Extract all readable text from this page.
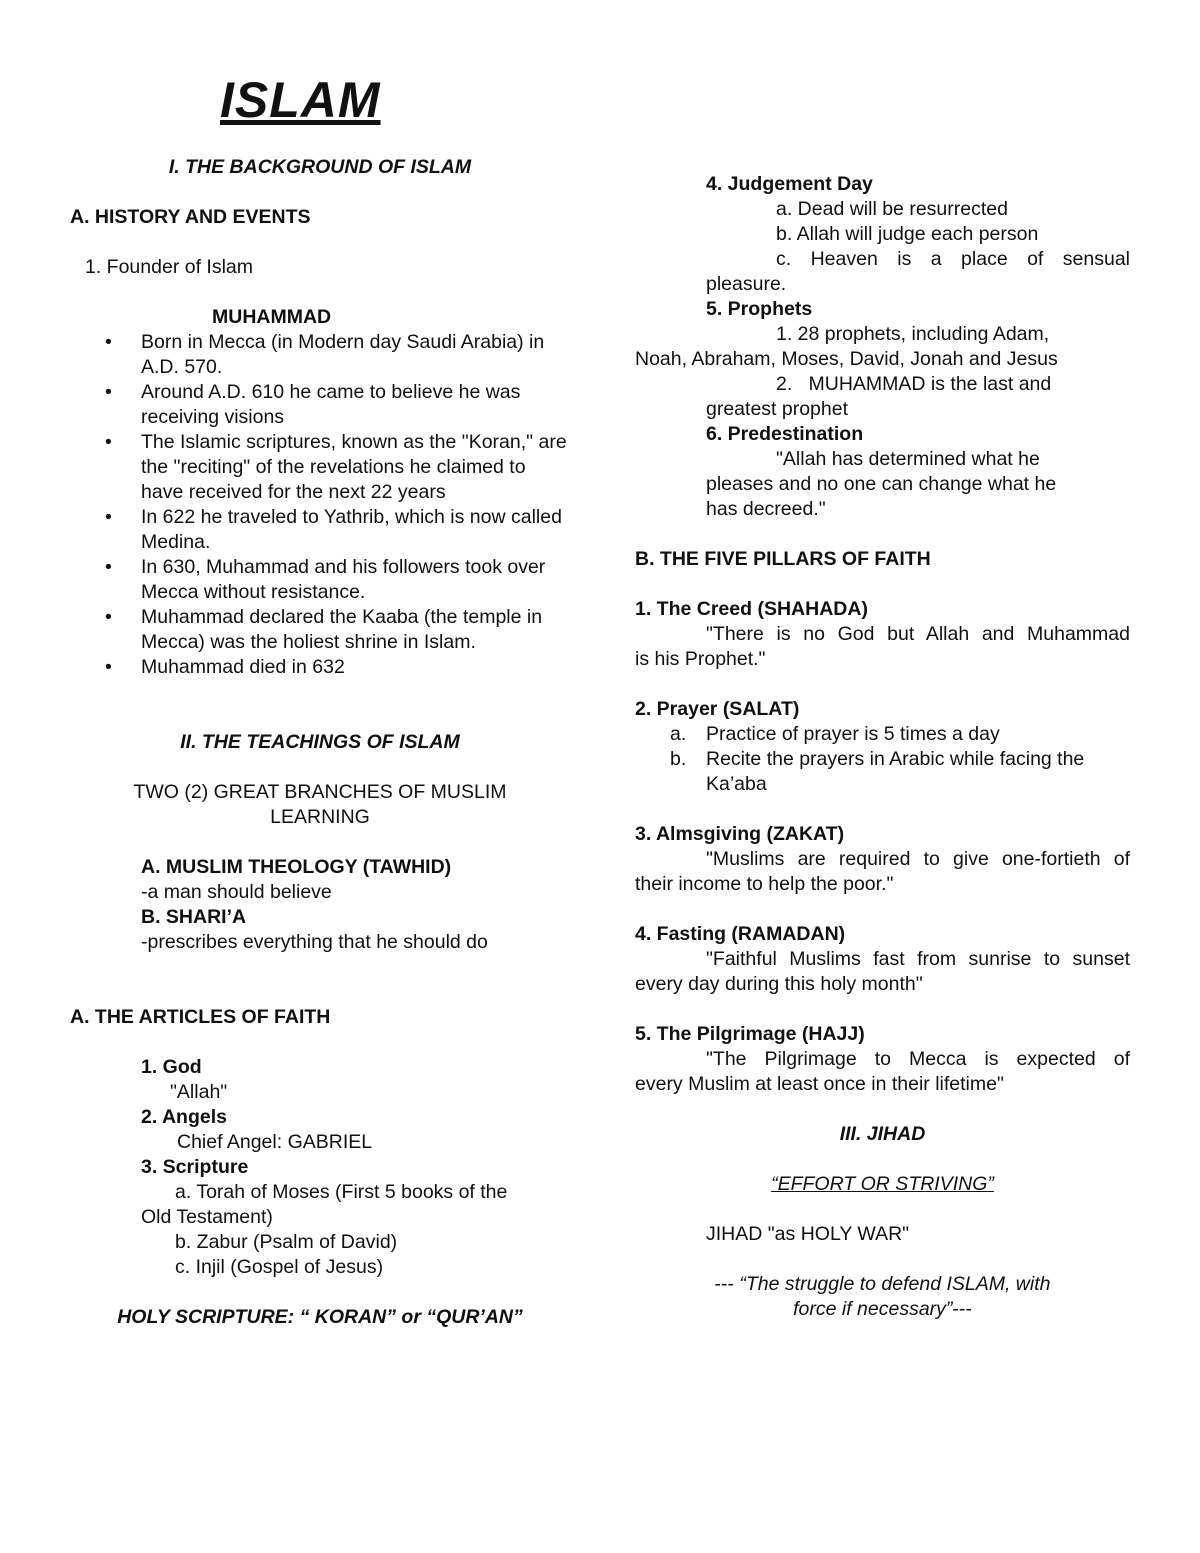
ISLAM
I. THE BACKGROUND OF ISLAM
A. HISTORY AND EVENTS
1. Founder of Islam
MUHAMMAD
• Born in Mecca (in Modern day Saudi Arabia) in A.D. 570.
• Around A.D. 610 he came to believe he was receiving visions
• The Islamic scriptures, known as the "Koran," are the "reciting" of the revelations he claimed to have received for the next 22 years
• In 622 he traveled to Yathrib, which is now called Medina.
• In 630, Muhammad and his followers took over Mecca without resistance.
• Muhammad declared the Kaaba (the temple in Mecca) was the holiest shrine in Islam.
• Muhammad died in 632
II. THE TEACHINGS OF ISLAM
TWO (2) GREAT BRANCHES OF MUSLIM
LEARNING
A. MUSLIM THEOLOGY (TAWHID)
-a man should believe
B. SHARI’A
-prescribes everything that he should do
A. THE ARTICLES OF FAITH
1. God
"Allah"
2. Angels
Chief Angel: GABRIEL
3. Scripture
a. Torah of Moses (First 5 books of the
Old Testament)
b. Zabur (Psalm of David)
c. Injil (Gospel of Jesus)
HOLY SCRIPTURE: “ KORAN” or “QUR’AN”
4. Judgement Day
a. Dead will be resurrected
b. Allah will judge each person
c. Heaven is a place of sensual
pleasure.
5. Prophets
1. 28 prophets, including Adam,
Noah, Abraham, Moses, David, Jonah and Jesus
2.   MUHAMMAD is the last and
greatest prophet
6. Predestination
"Allah has determined what he
pleases and no one can change what he
has decreed."
B. THE FIVE PILLARS OF FAITH
1. The Creed (SHAHADA)
"There is no God but Allah and Muhammad
is his Prophet."
2. Prayer (SALAT)
a. Practice of prayer is 5 times a day
b. Recite the prayers in Arabic while facing the Ka’aba
3. Almsgiving (ZAKAT)
"Muslims are required to give one-fortieth of
their income to help the poor."
4. Fasting (RAMADAN)
"Faithful Muslims fast from sunrise to sunset
every day during this holy month"
5. The Pilgrimage (HAJJ)
"The Pilgrimage to Mecca is expected of
every Muslim at least once in their lifetime"
III. JIHAD
“EFFORT OR STRIVING”
JIHAD "as HOLY WAR"
--- “The struggle to defend ISLAM, with
force if necessary”---
